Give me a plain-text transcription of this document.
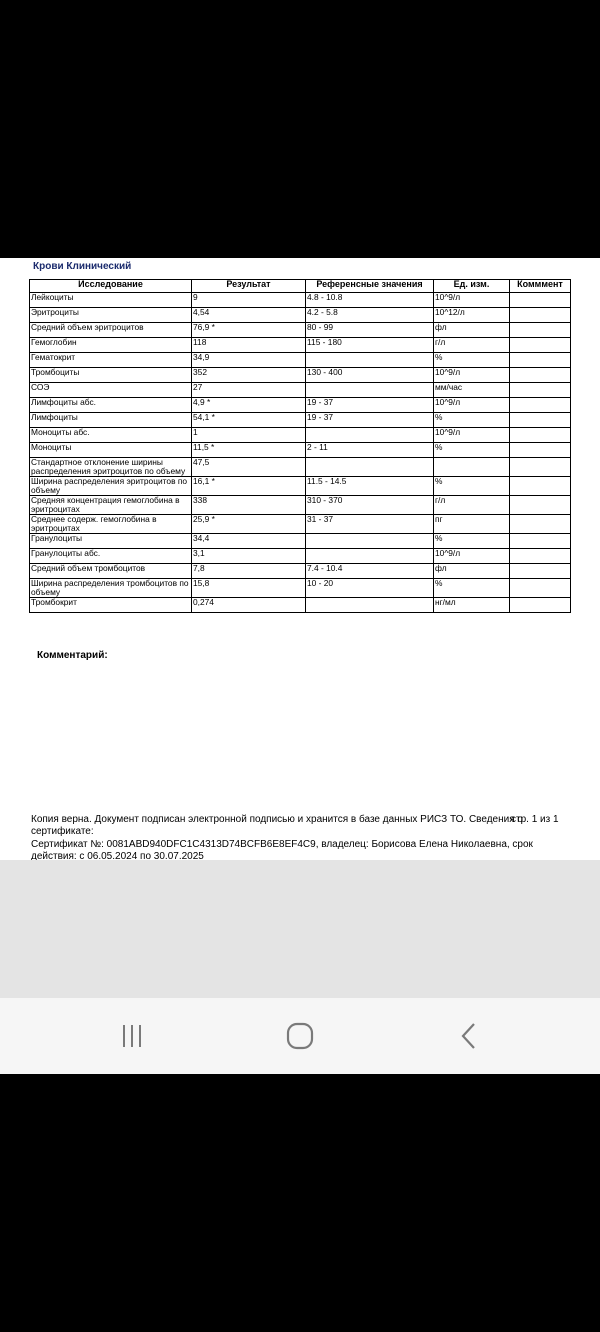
Крови Клинический
Исследование	Результат	Референсные значения	Ед. изм.	Комммент
Лейкоциты	9	4.8 - 10.8	10^9/л	
Эритроциты	4,54	4.2 - 5.8	10^12/л	
Средний объем эритроцитов	76,9 *	80 - 99	фл	
Гемоглобин	118	115 - 180	г/л	
Гематокрит	34,9		%	
Тромбоциты	352	130 - 400	10^9/л	
СОЭ	27		мм/час	
Лимфоциты абс.	4,9 *	19 - 37	10^9/л	
Лимфоциты	54,1 *	19 - 37	%	
Моноциты абс.	1		10^9/л	
Моноциты	11,5 *	2 - 11	%	
Стандартное отклонение ширины распределения эритроцитов по объему	47,5			
Ширина распределения эритроцитов по объему	16,1 *	11.5 - 14.5	%	
Средняя концентрация гемоглобина в эритроцитах	338	310 - 370	г/л	
Среднее содерж. гемоглобина в эритроцитах	25,9 *	31 - 37	пг	
Гранулоциты	34,4		%	
Гранулоциты абс.	3,1		10^9/л	
Средний объем тромбоцитов	7,8	7.4 - 10.4	фл	
Ширина распределения тромбоцитов по объему	15,8	10 - 20	%	
Тромбокрит	0,274		нг/мл	
Комментарий:
Копия верна. Документ подписан электронной подписью и хранится в базе данных РИСЗ ТО. Сведения о сертификате:
стр. 1 из 1
Сертификат №: 0081ABD940DFC1C4313D74BCFB6E8EF4C9, владелец: Борисова Елена Николаевна, срок действия: с 06.05.2024 по 30.07.2025
